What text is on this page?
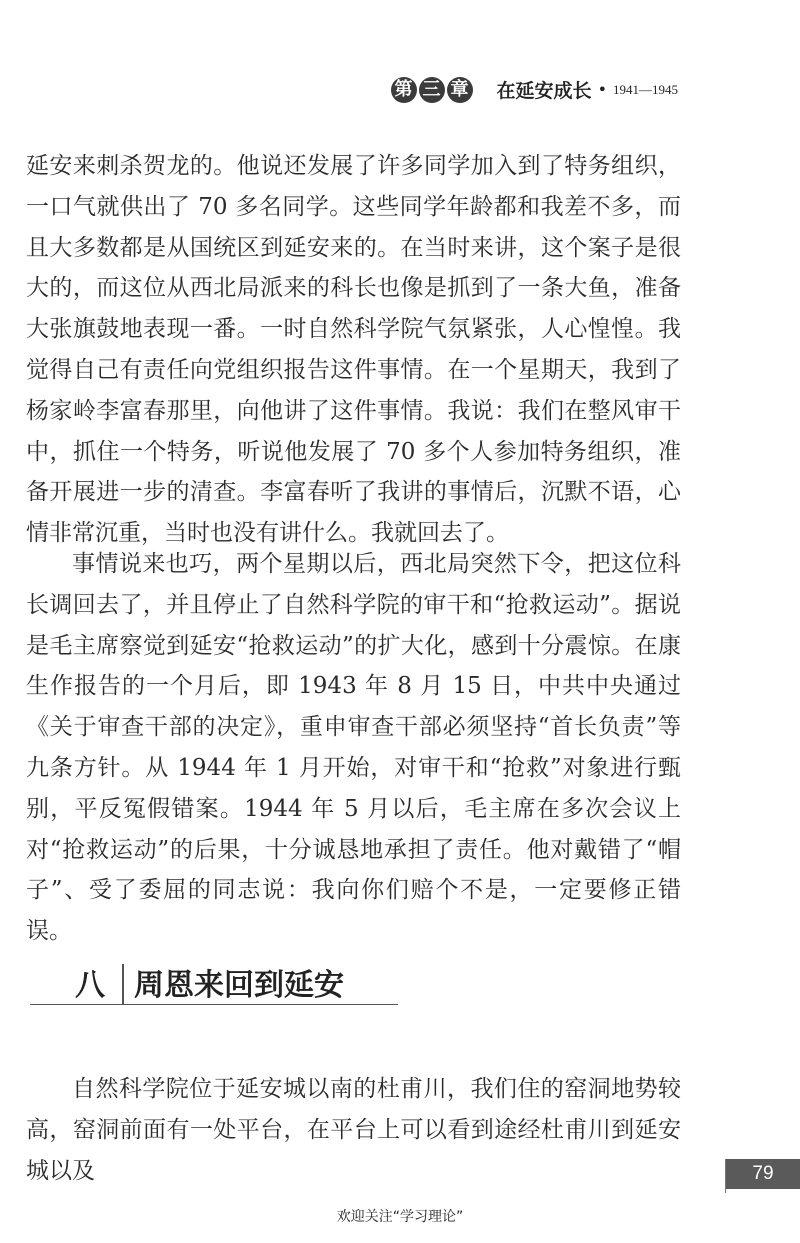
第 三 章 在延安成长 • 1941—1945

延安来刺杀贺龙的。他说还发展了许多同学加入到了特务组织，一口气就供出了 70 多名同学。这些同学年龄都和我差不多，而且大多数都是从国统区到延安来的。在当时来讲，这个案子是很大的，而这位从西北局派来的科长也像是抓到了一条大鱼，准备大张旗鼓地表现一番。一时自然科学院气氛紧张，人心惶惶。我觉得自己有责任向党组织报告这件事情。在一个星期天，我到了杨家岭李富春那里，向他讲了这件事情。我说：我们在整风审干中，抓住一个特务，听说他发展了 70 多个人参加特务组织，准备开展进一步的清查。李富春听了我讲的事情后，沉默不语，心情非常沉重，当时也没有讲什么。我就回去了。

事情说来也巧，两个星期以后，西北局突然下令，把这位科长调回去了，并且停止了自然科学院的审干和“抢救运动”。据说是毛主席察觉到延安“抢救运动”的扩大化，感到十分震惊。在康生作报告的一个月后，即 1943 年 8 月 15 日，中共中央通过《关于审查干部的决定》，重申审查干部必须坚持“首长负责”等九条方针。从 1944 年 1 月开始，对审干和“抢救”对象进行甄别，平反冤假错案。1944 年 5 月以后，毛主席在多次会议上对“抢救运动”的后果，十分诚恳地承担了责任。他对戴错了“帽子”、受了委屈的同志说：我向你们赔个不是，一定要修正错误。

八 周恩来回到延安

自然科学院位于延安城以南的杜甫川，我们住的窑洞地势较高，窑洞前面有一处平台，在平台上可以看到途经杜甫川到延安城以及	79
欢迎关注“学习理论”
